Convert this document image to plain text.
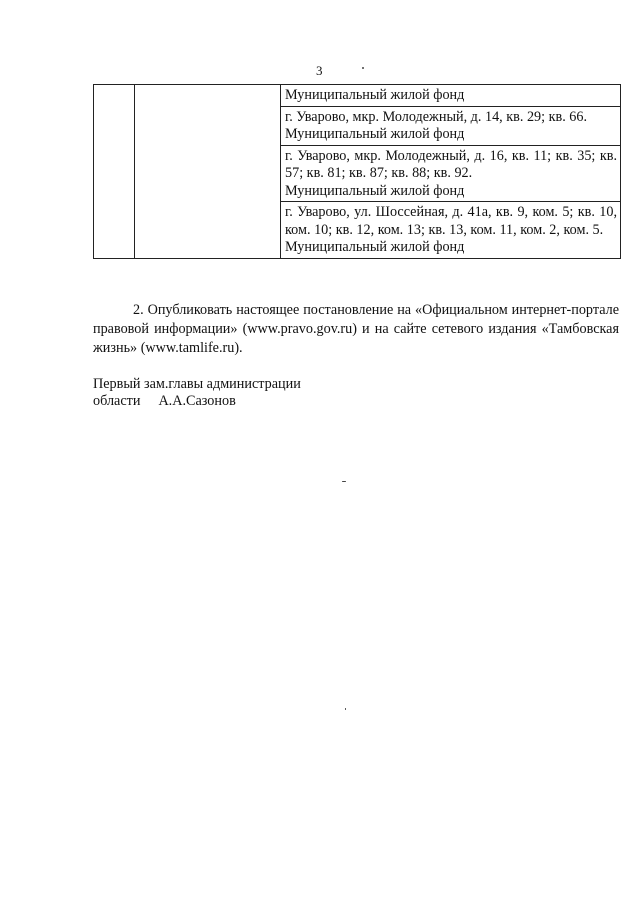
3

Муниципальный жилой фонд

г. Уварово, мкр. Молодежный, д. 14, кв. 29; кв. 66.
Муниципальный жилой фонд

г. Уварово, мкр. Молодежный, д. 16, кв. 11; кв. 35; кв. 57; кв. 81; кв. 87; кв. 88; кв. 92.
Муниципальный жилой фонд

г. Уварово, ул. Шоссейная, д. 41а, кв. 9, ком. 5; кв. 10, ком. 10; кв. 12, ком. 13; кв. 13, ком. 11, ком. 2, ком. 5.
Муниципальный жилой фонд
2. Опубликовать настоящее постановление на «Официальном интернет-портале правовой информации» (www.pravo.gov.ru) и на сайте сетевого издания «Тамбовская жизнь» (www.tamlife.ru).
Первый зам.главы администрации
области А.А.Сазонов
